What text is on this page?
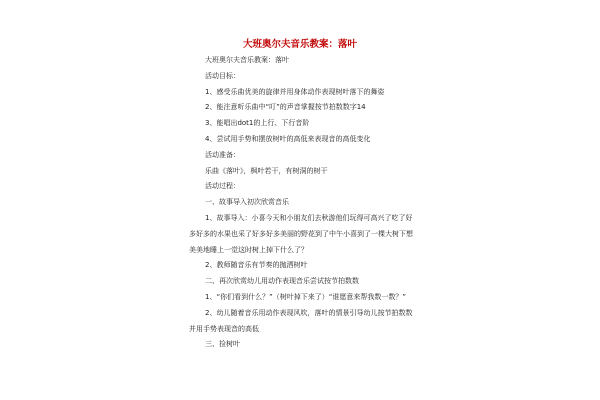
大班奥尔夫音乐教案：落叶
大班奥尔夫音乐教案：落叶
活动目标：
1、感受乐曲优美的旋律并用身体动作表现树叶落下的舞姿
2、能注意听乐曲中“叮”的声音掌握按节拍数数字14
3、能唱出dot1的上行、下行音阶
4、尝试用手势和摆放树叶的高低来表现音的高低变化
活动准备：
乐曲《落叶》，枫叶若干，有树洞的树干
活动过程：
一、故事导入初次欣赏音乐
1、故事导入：小喜今天和小朋友们去秋游他们玩得可高兴了吃了好多好多的水果也采了好多好多美丽的野花到了中午小喜到了一棵大树下想美美地睡上一觉这时树上掉下什么了？
2、教师随音乐有节奏的抛洒树叶
二、再次欣赏幼儿用动作表现音乐尝试按节拍数数
1、“你们看到什么？”（树叶掉下来了）“谁愿意来帮我数一数？”
2、幼儿随着音乐用动作表现风吹，落叶的情景引导幼儿按节拍数数并用手势表现音的高低
三、捡树叶
